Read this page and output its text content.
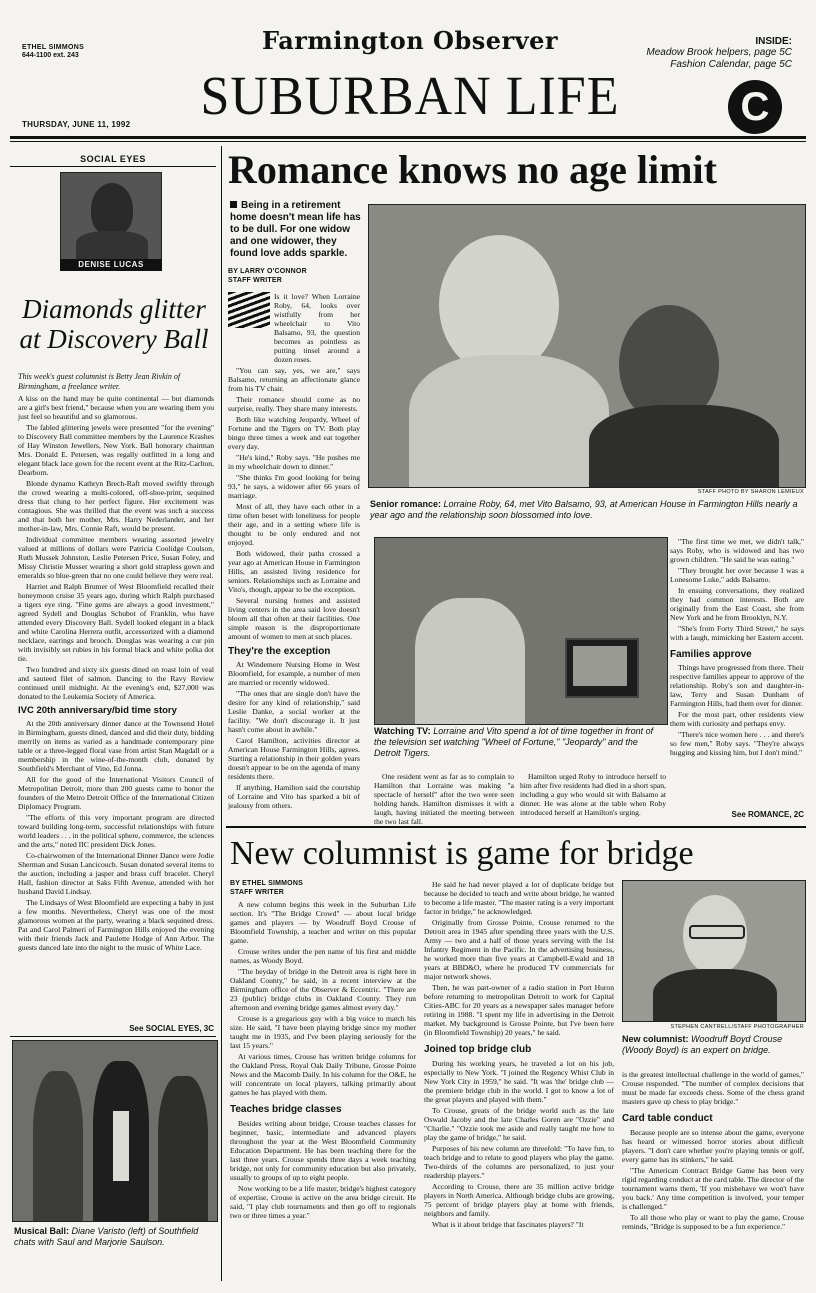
ETHEL SIMMONS
644-1100 ext. 243
Farmington Observer
SUBURBAN LIFE
INSIDE:
Meadow Brook helpers, page 5C
Fashion Calendar, page 5C
C
THURSDAY, JUNE 11, 1992
SOCIAL EYES
DENISE LUCAS
Diamonds glitter at Discovery Ball
This week's guest columnist is Betty Jean Rivkin of Birmingham, a freelance writer.

A kiss on the hand may be quite continental — but diamonds are a girl's best friend," because when you are wearing them you just feel so beautiful and so glamorous.

The fabled glittering jewels were presented "for the evening" to Discovery Ball committee members by the Laurence Krashes of Hay Winston Jewellers, New York. Ball honorary chairman Mrs. Donald E. Petersen, was regally outfitted in a long and elegant black lace gown for the recent event at the Ritz-Carlton, Dearborn.

Blonde dynamo Kathryn Brech-Raft moved swiftly through the crowd wearing a multi-colored, off-shoe-print, sequined dress that clung to her perfect figure. Her excitement was contagious. She was thrilled that the event was such a success and that both her mother, Mrs. Harry Nederlander, and her mother-in-law, Mrs. Connie Raft, would be present.

Individual committee members wearing assorted jewelry valued at millions of dollars were Patricia Coolidge Coulson, Ruth Mussek Johnston, Leslie Petersen Price, Susan Foley, and Missy Christie Musser wearing a short gold strapless gown and emeralds so blue-green that no one could believe they were real.

Harriet and Ralph Brumer of West Bloomfield recalled their honeymoon cruise 35 years ago, during which Ralph purchased a tigers eye ring. "Fine gems are always a good investment," agreed Sydell and Douglas Schubot of Franklin, who have attended every Discovery Ball. Sydell looked elegant in a black and white Carolina Herrera outfit, accessorized with a diamond necklace, earrings and brooch. Douglas was wearing a cur pin with invisibly set rubies in his formal black and white polka dot tie.

Two hundred and sixty six guests dined on roast loin of veal and sauteed filet of salmon. Dancing to the Ravy Review continued until midnight. At the evening's end, $27,000 was donated to the Leukemia Society of America.

IVC 20th anniversary/bid time story

At the 20th anniversary dinner dance at the Townsend Hotel in Birmingham, guests dined, danced and did their duty, bidding merrily on items as varied as a handmade contemporary pine table or a three-legged floral vase from artist Stan Magdall or a membership in the wine-of-the-month club, donated by Southfield's Merchant of Vino, Ed Jonna.

All for the good of the International Visitors Council of Metropolitan Detroit, more than 200 guests came to honor the founders of the Metro Detroit Office of the International Citizen Diplomacy Program.

"The efforts of this very important program are directed toward building long-term, successful relationships with future world leaders . . . in the political sphere, commerce, the sciences and the arts," noted IIC president Dick Jones.

Co-chairwomen of the International Dinner Dance were Jodie Sherman and Susan Lancicouch. Susan donated several items to the auction, including a jasper and brass cuff bracelet. Cheryl Hall, fashion director at Saks Fifth Avenue, attended with her husband David Lindsay.

The Lindsays of West Bloomfield are expecting a baby in just a few months. Nevertheless, Cheryl was one of the most glamorous women at the party, wearing a black sequined dress. Pat and Carol Palmeri of Farmington Hills enjoyed the evening with their friends Jack and Paulette Hodge of Ann Arbor. The guests danced late into the night to the music of White Lace.

See SOCIAL EYES, 3C
Musical Ball: Diane Varisto (left) of Southfield chats with Saul and Marjorie Saulson.
Romance knows no age limit
Being in a retirement home doesn't mean life has to be dull. For one widow and one widower, they found love adds sparkle.
BY LARRY O'CONNOR
STAFF WRITER

Is it love? When Lorraine Roby, 64, looks over wistfully from her wheelchair to Vito Balsamo, 93, the question becomes as pointless as putting tinsel around a dozen roses.

"You can say, yes, we are," says Balsamo, returning an affectionate glance from his TV chair.

Their romance should come as no surprise, really. They share many interests.

Both like watching Jeopardy, Wheel of Fortune and the Tigers on TV. Both play bingo three times a week and eat together every day.

"He's kind," Roby says. "He pushes me in my wheelchair down to dinner."

"She thinks I'm good looking for being 93," he says, a widower after 66 years of marriage.

Most of all, they have each other in a time often beset with loneliness for people their age, and in a setting where life is thought to be only endured and not enjoyed.

Both widowed, their paths crossed a year ago at American House in Farmington Hills, an assisted living residence for seniors. Relationships such as Lorraine and Vito's, though, appear to be the exception.

Several nursing homes and assisted living centers in the area said love doesn't bloom all that often at their facilities. One simple reason is the disproportionate amount of women to men at such places.

They're the exception

At Windemere Nursing Home in West Bloomfield, for example, a number of men are married or recently widowed.

"The ones that are single don't have the desire for any kind of relationship," said Leslie Danke, a social worker at the facility. "We don't discourage it. It just hasn't come about in awhile."

Carol Hamilton, activities director at American House Farmington Hills, agrees. Starting a relationship in their golden years doesn't appear to be on the agenda of many residents there.

If anything, Hamilton said the courtship of Lorraine and Vito has sparked a bit of jealousy from others.

STAFF PHOTO BY SHARON LEMIEUX
Senior romance: Lorraine Roby, 64, met Vito Balsamo, 93, at American House in Farmington Hills nearly a year ago and the relationship soon blossomed into love.
Watching TV: Lorraine and Vito spend a lot of time together in front of the television set watching "Wheel of Fortune," "Jeopardy" and the Detroit Tigers.

One resident went as far as to complain to Hamilton that Lorraine was making "a spectacle of herself" after the two were seen holding hands. Hamilton dismisses it with a laugh, having initiated the meeting between the two last fall.

Hamilton urged Roby to introduce herself to him after five residents had died in a short span, including a guy who would sit with Balsamo at dinner. He was alone at the table when Roby introduced herself at Hamilton's urging.

"The first time we met, we didn't talk," says Roby, who is widowed and has two grown children. "He said he was eating."

"They brought her over because I was a Lonesome Luke," adds Balsamo.

In ensuing conversations, they realized they had common interests. Both are originally from the East Coast, she from New York and he from Brooklyn, N.Y.

"She's from Forty Third Street," he says with a laugh, mimicking her Eastern accent.

Families approve

Things have progressed from there. Their respective families appear to approve of the relationship. Roby's son and daughter-in-law, Terry and Susan Dunham of Farmington Hills, had them over for dinner.

For the most part, other residents view them with curiosity and perhaps envy.

"There's nice women here . . . and there's so few men," Roby says. "They're always hugging and kissing him, but I don't mind."

See ROMANCE, 2C
New columnist is game for bridge
BY ETHEL SIMMONS
STAFF WRITER

A new column begins this week in the Suburban Life section. It's "The Bridge Crowd" — about local bridge games and players — by Woodruff Boyd Crouse of Bloomfield Township, a teacher and writer on this popular game.

Crouse writes under the pen name of his first and middle names, as Woody Boyd.

"The heyday of bridge in the Detroit area is right here in Oakland County," he said, in a recent interview at the Birmingham office of the Observer & Eccentric. "There are 23 (public) bridge clubs in Oakland County. They run afternoon and evening bridge games almost every day."

Crouse is a gregarious guy with a big voice to match his size. He said, "I have been playing bridge since my mother taught me in 1935, and I've been playing seriously for the last 15 years."

At various times, Crouse has written bridge columns for the Oakland Press, Royal Oak Daily Tribune, Grosse Pointe News and the Macomb Daily. In his column for the O&E, he will concentrate on local players, talking primarily about games he has played with them.

Teaches bridge classes

Besides writing about bridge, Crouse teaches classes for beginner, basic, intermediate and advanced players throughout the year at the West Bloomfield Community Education Department. He has been teaching there for the last three years. Crouse spends three days a week teaching bridge, not only for community education but also privately, usually to groups of up to eight people.

Now working to be a life master, bridge's highest category of expertise, Crouse is active on the area bridge circuit. He said, "I play club tournaments and then go off to regionals two or three times a year."

He said he had never played a lot of duplicate bridge but because he decided to teach and write about bridge, he wanted to become a life master. "The master rating is a very important factor in bridge," he acknowledged.

Originally from Grosse Pointe, Crouse returned to the Detroit area in 1945 after spending three years with the U.S. Army — two and a half of those years serving with the 1st Infantry Regiment in the Pacific. In the advertising business, he worked more than five years at Campbell-Ewald and 18 years at BBD&O, where he produced TV commercials for major network shows.

Then, he was part-owner of a radio station in Port Huron before returning to metropolitan Detroit to work for Capital Cities-ABC for 20 years as a newspaper sales manager before retiring in 1988. "I spent my life in advertising in the Detroit market. My background is Grosse Pointe, but I've been here (in Bloomfield Township) 20 years," he said.

Joined top bridge club

During his working years, he traveled a lot on his job, especially to New York. "I joined the Regency Whist Club in New York City in 1959," he said. "It was 'the' bridge club — the premiere bridge club in the world. I got to know a lot of the great players and played with them."

To Crouse, greats of the bridge world such as the late Oswald Jacoby and the late Charles Goren are "Ozzie" and "Charlie." "Ozzie took me aside and really taught me how to play the game of bridge," he said.

Purposes of his new column are threefold: "To have fun, to teach bridge and to relate to good players who play the game. Two-thirds of the columns are personalized, to just your readership players."

According to Crouse, there are 35 million active bridge players in North America. Although bridge clubs are growing, 75 percent of bridge players play at home with friends, neighbors and family.

What is it about bridge that fascinates players? "It

STEPHEN CANTRELL/STAFF PHOTOGRAPHER
New columnist: Woodruff Boyd Crouse (Woody Boyd) is an expert on bridge.

is the greatest intellectual challenge in the world of games," Crouse responded. "The number of complex decisions that must be made far exceeds chess. Some of the chess grand masters gave up chess to play bridge."

Card table conduct

Because people are so intense about the game, everyone has heard or witnessed horror stories about difficult players. "I don't care whether you're playing tennis or golf, every game has its stinkers," he said.

"The American Contract Bridge Game has been very rigid regarding conduct at the card table. The director of the tournament warns them, 'If you misbehave we won't have you back.' Any time competition is involved, your temper is challenged."

To all those who play or want to play the game, Crouse reminds, "Bridge is supposed to be a fun experience."
